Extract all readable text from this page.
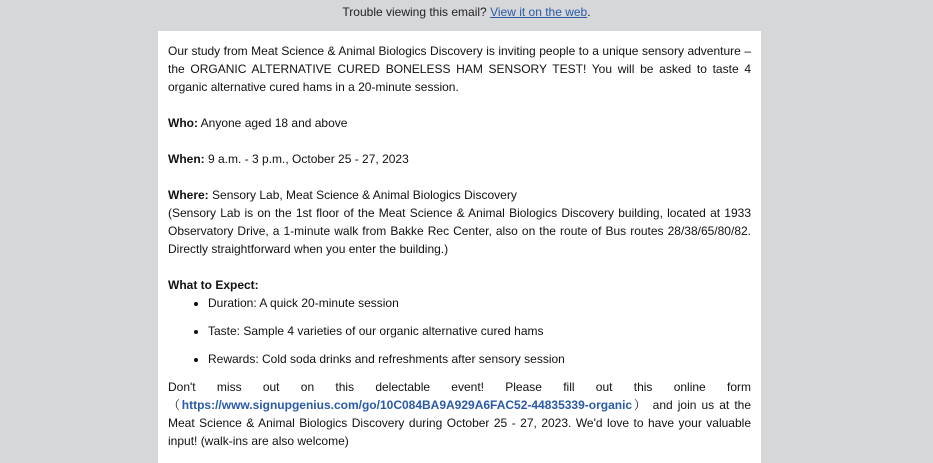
Trouble viewing this email? View it on the web.

Our study from Meat Science & Animal Biologics Discovery is inviting people to a unique sensory adventure – the ORGANIC ALTERNATIVE CURED BONELESS HAM SENSORY TEST! You will be asked to taste 4 organic alternative cured hams in a 20-minute session.

Who: Anyone aged 18 and above

When: 9 a.m. - 3 p.m., October 25 - 27, 2023

Where: Sensory Lab, Meat Science & Animal Biologics Discovery

(Sensory Lab is on the 1st floor of the Meat Science & Animal Biologics Discovery building, located at 1933 Observatory Drive, a 1-minute walk from Bakke Rec Center, also on the route of Bus routes 28/38/65/80/82. Directly straightforward when you enter the building.)

What to Expect:

• Duration: A quick 20-minute session
• Taste: Sample 4 varieties of our organic alternative cured hams
• Rewards: Cold soda drinks and refreshments after sensory session

Don't miss out on this delectable event! Please fill out this online form
（https://www.signupgenius.com/go/10C084BA9A929A6FAC52-44835339-organic） and join us at the Meat Science & Animal Biologics Discovery during October 25 - 27, 2023. We'd love to have your valuable input! (walk-ins are also welcome)
